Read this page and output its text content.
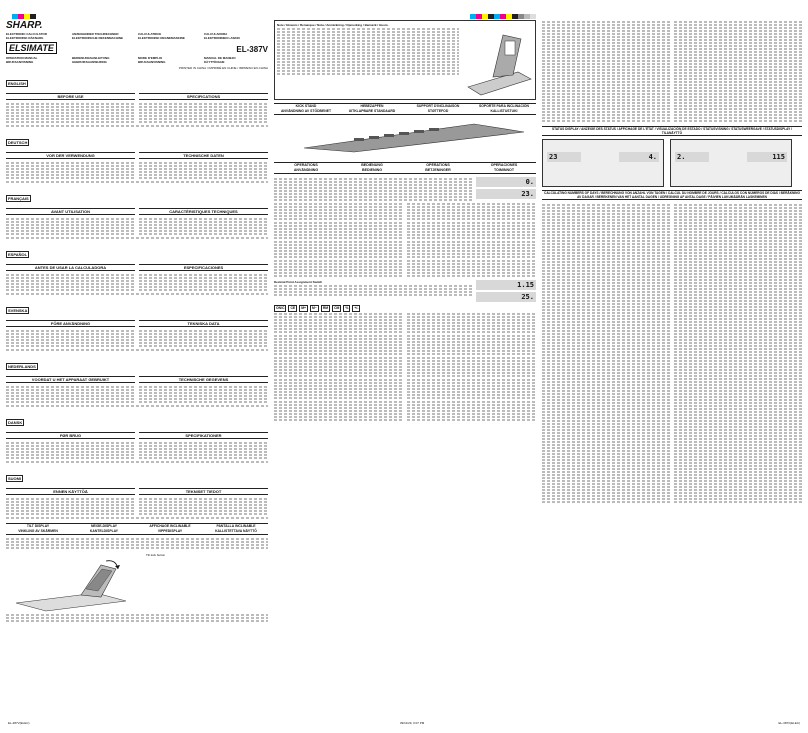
SHARP.
ELECTRONIC CALCULATOR	ANZEIGENDER TISCHRECHNER	CALCULATRICE	CALCULADORA
ELEKTRONISK RÄKNARE	ELEKTRONISCHE REKENMACHINE	ELEKTRONISK REGNEMASKINE	ELEKTRONINEN LASKIN
ELSIMATE	EL-387V
OPERATION MANUAL	BEDIENUNGSANLEITUNG	MODE D'EMPLOI	MANUAL DE MANEJO
BRUKSANVISNING	GEBRUIKSAANWIJZING	BRUGSANVISNING	KÄYTTÖOHJE
PRINTED IN CHINA / IMPRIMÉ EN CHINE / IMPRESO EN CHINA
ENGLISH
BEFORE USE	SPECIFICATIONS
DEUTSCH
VOR DER VERWENDUNG	TECHNISCHE DATEN
FRANÇAIS
AVANT UTILISATION	CARACTÉRISTIQUES TECHNIQUES
ESPAÑOL
ANTES DE USAR LA CALCULADORA	ESPECIFICACIONES
SVENSKA
FÖRE ANVÄNDNING	TEKNISKA DATA
NEDERLANDS
VOORDAT U HET APPARAAT GEBRUIKT	TECHNISCHE GEGEVENS
DANSK
FØR BRUG	SPECIFIKATIONER
SUOMI
ENNEN KÄYTTÖÄ	TEKNISET TIEDOT
TILT DISPLAY	NEIGE-DISPLAY	AFFICHAGE INCLINABLE	PANTALLA INCLINABLE
VINKLING AV SKÄRMEN	KANTELDISPLAY	VIPPEDISPLAY	KALLISTETTAVA NÄYTTÖ
Tilt lock button
EL-387V(ELEC)
Note / Hinweis / Remarque / Nota / Anmärkning / Opmerking / Bemærk / Huom.
KICK STAND	HEBEZAPFEN	SUPPORT D'INCLINAISON	SOPORTE PARA INCLINACIÓN
ANVÄNDNING AV STÖDBENET	UITKLAPBARE STANDAARD	STØTTEFOD	KALLISTUSTUKI
OPERATIONS	BEDIENUNG	OPÉRATIONS	OPERACIONES
ANVÄNDNING	BEDIENING	BETJENINGER	TOIMINNOT
0.
23.
Decimal Point Assignment Switch	1.15
25.
ON/C	CE	M+	M−	RM	CM	%	+/-
09/11/29, 0:07 PM
STATUS DISPLAY / ANZEIGE DES STATUS / AFFICHAGE DE L'ÉTAT / VISUALIZACIÓN DE ESTADO / STATUSVISNING / STATUSWEERGAVE / STATUSDISPLAY / TILANÄYTTÖ
23	4.	2.	115
CALCULATING NUMBERS OF DAYS / BERECHNUNG VON ANZAHL VON TAGEN / CALCUL DU NOMBRE DE JOURS / CÁLCULOS CON NÚMEROS DE DÍAS / BERÄKNING AV DAGAR / BEREKENEN VAN HET AANTAL DAGEN / UDREGNING AF ANTAL DAGE / PÄIVIEN LUKUMÄÄRÄN LASKEMINEN
EL-387V(ELEC)
